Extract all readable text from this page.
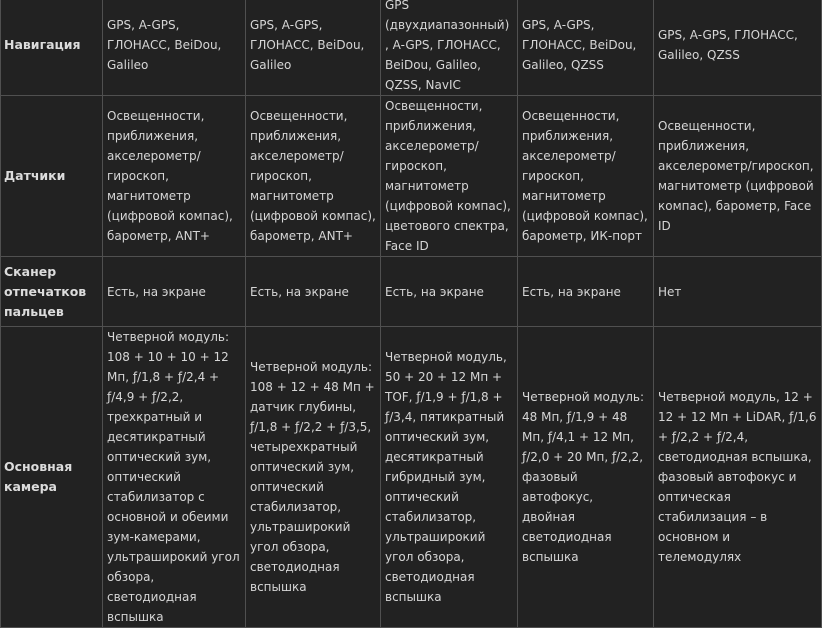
Навигация	GPS, A-GPS, ГЛОНАСС, BeiDou, Galileo	GPS, A-GPS, ГЛОНАСС, BeiDou, Galileo	GPS (двухдиапазонный), A-GPS, ГЛОНАСС, BeiDou, Galileo, QZSS, NavIC	GPS, A-GPS, ГЛОНАСС, BeiDou, Galileo, QZSS	GPS, A-GPS, ГЛОНАСС, Galileo, QZSS
Датчики	Освещенности, приближения, акселерометр/гироскоп, магнитометр (цифровой компас), барометр, ANT+	Освещенности, приближения, акселерометр/ гироскоп, магнитометр (цифровой компас), барометр, ANT+	Освещенности, приближения, акселерометр/ гироскоп, магнитометр (цифровой компас), цветового спектра, Face ID	Освещенности, приближения, акселерометр/ гироскоп, магнитометр (цифровой компас), барометр, ИК-порт	Освещенности, приближения, акселерометр/гироскоп, магнитометр (цифровой компас), барометр, Face ID
Сканер отпечатков пальцев	Есть, на экране	Есть, на экране	Есть, на экране	Есть, на экране	Нет
Основная камера	Четверной модуль: 108 + 10 + 10 + 12 Мп, ƒ/1,8 + ƒ/2,4 + ƒ/4,9 + ƒ/2,2, трехкратный и десятикратный оптический зум, оптический стабилизатор с основной и обеими зум-камерами, ультраширокий угол обзора, светодиодная вспышка	Четверной модуль: 108 + 12 + 48 Мп + датчик глубины, ƒ/1,8 + ƒ/2,2 + ƒ/3,5, четырехкратный оптический зум, оптический стабилизатор, ультраширокий угол обзора, светодиодная вспышка	Четверной модуль, 50 + 20 + 12 Мп + TOF, ƒ/1,9 + ƒ/1,8 + ƒ/3,4, пятикратный оптический зум, десятикратный гибридный зум, оптический стабилизатор, ультраширокий угол обзора, светодиодная вспышка	Четверной модуль: 48 Мп, ƒ/1,9 + 48 Мп, ƒ/4,1 + 12 Мп, ƒ/2,0 + 20 Мп, ƒ/2,2, фазовый автофокус, двойная светодиодная вспышка	Четверной модуль, 12 + 12 + 12 Мп + LiDAR, ƒ/1,6 + ƒ/2,2 + ƒ/2,4, светодиодная вспышка, фазовый автофокус и оптическая стабилизация – в основном и телемодулях
